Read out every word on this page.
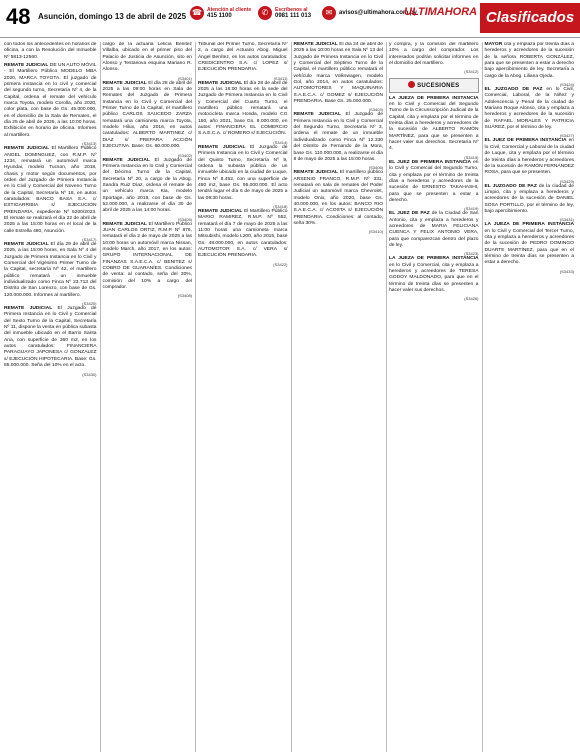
48 Asunción, domingo 13 de abril de 2025 ☎	Atención al cliente
415 1100	✆	Escríbenos al
0981 111 013	✉	avisos@ultimahora.com.py
ULTIMAHORA Clasificados

con todos los antecedentes en horarios de oficina, a con la Resolución del Inmueble Nº 5813-12560.

REMATE JUDICIAL DE UN AUTO MÓVIL - El Martillero Público MODELO MBA 2020, MARCA TOYOTA. El juzgado de primera instancia en lo civil y comercial del segundo turno, Secretaría Nº 4, de la Capital, ordena el remate del vehículo marca Toyota, modelo Corolla, año 2020, color plata, con base de Gs. 45.000.000, en el domicilio de la Sala de Remates, el día 25 de abril de 2025, a las 10:00 horas. Exhibición en horario de oficina. Informes al martillero.

(S3413)

REMATE JUDICIAL El Martillero Público ANGEL DOMINGUEZ, con R.M.P. Nº 1234, rematará un automóvil marca Hyundai, modelo Tucson, año 2018, chasis y motor según documentos, por orden del Juzgado de Primera Instancia en lo Civil y Comercial del Noveno Turno de la Capital, Secretaría Nº 18, en autos caratulados: BANCO BASA S.A. c/ ESTIGARRIBIA s/ EJECUCIÓN PRENDARIA, expediente Nº 5200/2023. El remate se realizará el día 22 de abril de 2025 a las 15:00 horas en el local de la calle Estrella 480, Asunción.

(S3417)

REMATE JUDICIAL El día 29 de abril de 2025, a las 15:00 horas, en Sala Nº 4 del Juzgado de Primera Instancia en lo Civil y Comercial del Vigésimo Primer Turno de la Capital, secretaría Nº 42, el martillero público rematará un inmueble individualizado como Finca Nº 23.713 del Distrito de San Lorenzo, con base de Gs. 120.000.000. Informes al martillero.

(S3420)

REMATE JUDICIAL El Juzgado de Primera Instancia en lo Civil y Comercial del Sexto Turno de la Capital, Secretaría Nº 11, dispone la venta en pública subasta del inmueble ubicado en el Barrio Santa Ana, con superficie de 360 m2, en los autos caratulados: FINANCIERA PARAGUAYO JAPONESA c/ GONZALEZ s/ EJECUCIÓN HIPOTECARIA. Base: Gs. 85.000.000. Seña del 10% en el acto.

(S3430)

cargo de la actuaria Leticia Benitez Villalba, ubicado en el primer piso del Palacio de Justicia de Asunción, sito en Alonso y Testanova esquina Mariano R. Alonso.

(S3401)

REMATE JUDICIAL El día 28 de abril de 2025 a las 09:00 horas en Sala de Remates del Juzgado de Primera Instancia en lo Civil y Comercial del Primer Turno de la Capital, el martillero público CARLOS SAUCEDO ZARZA rematará una camioneta marca Toyota, modelo Hilux, año 2016, en autos caratulados: ALBERTO MARTINEZ c/ DIAZ s/ PREPARA ACCIÓN EJECUTIVA. Base: Gs. 60.000.000.

(S3402)

REMATE JUDICIAL El Juzgado de Primera Instancia en lo Civil y Comercial del Décimo Turno de la Capital, Secretaría Nº 20, a cargo de la Abog. Sandra Ruiz Díaz, ordena el remate de un vehículo marca Kia, modelo Sportage, año 2019, con base de Gs. 52.000.000, a realizarse el día 30 de abril de 2025 a las 14:00 horas.

(S3405)

REMATE JUDICIAL El Martillero Público JUAN CARLOS ORTIZ, R.M.P. Nº 876, rematará el día 2 de mayo de 2025 a las 10:00 horas un automóvil marca Nissan, modelo March, año 2017, en los autos: GRUPO INTERNACIONAL DE FINANZAS S.A.E.C.A. c/ BENITEZ s/ COBRO DE GUARANÍES. Condiciones de venta: al contado, seña del 30%, comisión del 10% a cargo del comprador.

(S3408)

Tribunal del Primer Turno, Secretaría Nº 2, a cargo del Actuario Abog. Miguel Ángel Benítez, en los autos caratulados: CREDICENTRO S.A. c/ LOPEZ s/ EJECUCIÓN PRENDARIA.

(S3411)

REMATE JUDICIAL El día 28 de abril de 2025 a las 16:00 horas en la sede del Juzgado de Primera Instancia en lo Civil y Comercial del Cuarto Turno, el martillero público rematará una motocicleta marca Honda, modelo CG 150, año 2021, base Gs. 8.000.000, en autos: FINANCIERA EL COMERCIO S.A.E.C.A. c/ ROMERO s/ EJECUCIÓN.

(S3414)

REMATE JUDICIAL El Juzgado de Primera Instancia en lo Civil y Comercial del Quinto Turno, Secretaría Nº 9, ordena la subasta pública de un inmueble ubicado en la ciudad de Luque, Finca Nº 8.452, con una superficie de 450 m2, base Gs. 95.000.000. El acto tendrá lugar el día 6 de mayo de 2025 a las 09:30 horas.

(S3418)

REMATE JUDICIAL El Martillero Público MARIO RAMIREZ, R.M.P. Nº 552, rematará el día 7 de mayo de 2025 a las 11:00 horas una camioneta marca Mitsubishi, modelo L200, año 2015, base Gs. 48.000.000, en autos caratulados: AUTOMOTOR S.A. c/ VERA s/ EJECUCIÓN PRENDARIA.

(S3422)

REMATE JUDICIAL El día 24 de abril de 2025 a las 10:00 horas en Sala Nº 13 del Juzgado de Primera Instancia en lo Civil y Comercial del Séptimo Turno de la Capital, el martillero público rematará el vehículo marca Volkswagen, modelo Gol, año 2014, en autos caratulados: AUTOMOTORES Y MAQUINARIA S.A.E.C.A. c/ GOMEZ s/ EJECUCIÓN PRENDARIA. Base Gs. 25.000.000.

(S3403)

REMATE JUDICIAL El Juzgado de Primera Instancia en lo Civil y Comercial del Segundo Turno, Secretaría Nº 3, ordena el remate de un inmueble individualizado como Finca Nº 12.330 del Distrito de Fernando de la Mora, base Gs. 110.000.000, a realizarse el día 8 de mayo de 2025 a las 15:00 horas.

(S3406)

REMATE JUDICIAL El martillero público ARSENIO FRANCO, R.M.P. Nº 331, rematará en sala de remates del Poder Judicial un automóvil marca Chevrolet, modelo Onix, año 2020, base Gs. 40.000.000, en los autos: BANCO RIO S.A.E.C.A. c/ ACOSTA s/ EJECUCIÓN PRENDARIA. Condiciones: al contado, seña 30%.

(S3410)

y compra, y la comisión del martillero 10% a cargo del comprador. Los interesados podrán solicitar informes en el domicilio del martillero.

(S3412)
SUCESIONES

LA JUEZA DE PRIMERA INSTANCIA en lo Civil y Comercial del Segundo Turno de la Circunscripción Judicial de la Capital, cita y emplaza por el término de treinta días a herederos y acreedores de la sucesión de ALBERTO RAMÓN MARTÍNEZ, para que se presenten a hacer valer sus derechos. Secretaría Nº 4.

(S3415)

EL JUEZ DE PRIMERA INSTANCIA en lo Civil y Comercial del Segundo Turno, cita y emplaza por el término de treinta días a herederos y acreedores de la sucesión de ERNESTO TAKAHASHI, para que se presenten a estar a derecho.

(S3419)

EL JUEZ DE PAZ de la Ciudad de San Antonio, cita y emplaza a herederos y acreedores de MARIA FELICIANA CUENCA Y FELIX ANTONIO VERA, para que comparezcan dentro del plazo de ley.

(S3423)

LA JUEZA DE PRIMERA INSTANCIA en lo Civil y Comercial, cita y emplaza a herederos y acreedores de TERESA GODOY MALDONADO, para que en el término de treinta días se presenten a hacer valer sus derechos.

(S3426)

MAYOR cita y emplaza por treinta días a herederos y acreedores de la sucesión de la señora ROBERTA GONZÁLEZ, para que se presenten a estar a derecho bajo apercibimiento de ley. Secretaría a cargo de la Abog. Liliana Ojeda.

(S3424)

EL JUZGADO DE PAZ en lo Civil, Comercial, Laboral, de la Niñez y Adolescencia y Penal de la ciudad de Mariano Roque Alonso, cita y emplaza a herederos y acreedores de la sucesión de RAFAEL MORALES Y PATRICIA SUÁREZ, por el término de ley.

(S3427)

EL JUEZ DE PRIMERA INSTANCIA en lo Civil, Comercial y Laboral de la ciudad de Luque, cita y emplaza por el término de treinta días a herederos y acreedores de la sucesión de RAMÓN FERNÁNDEZ ROSA, para que se presenten.

(S3429)

EL JUZGADO DE PAZ de la ciudad de Limpio, cita y emplaza a herederos y acreedores de la sucesión de DANIEL SOSA PORTILLO, por el término de ley, bajo apercibimiento.

(S3431)

LA JUEZA DE PRIMERA INSTANCIA en lo Civil y Comercial del Tercer Turno, cita y emplaza a herederos y acreedores de la sucesión de PEDRO DOMINGO DUARTE MARTÍNEZ, para que en el término de treinta días se presenten a estar a derecho.

(S3433)
